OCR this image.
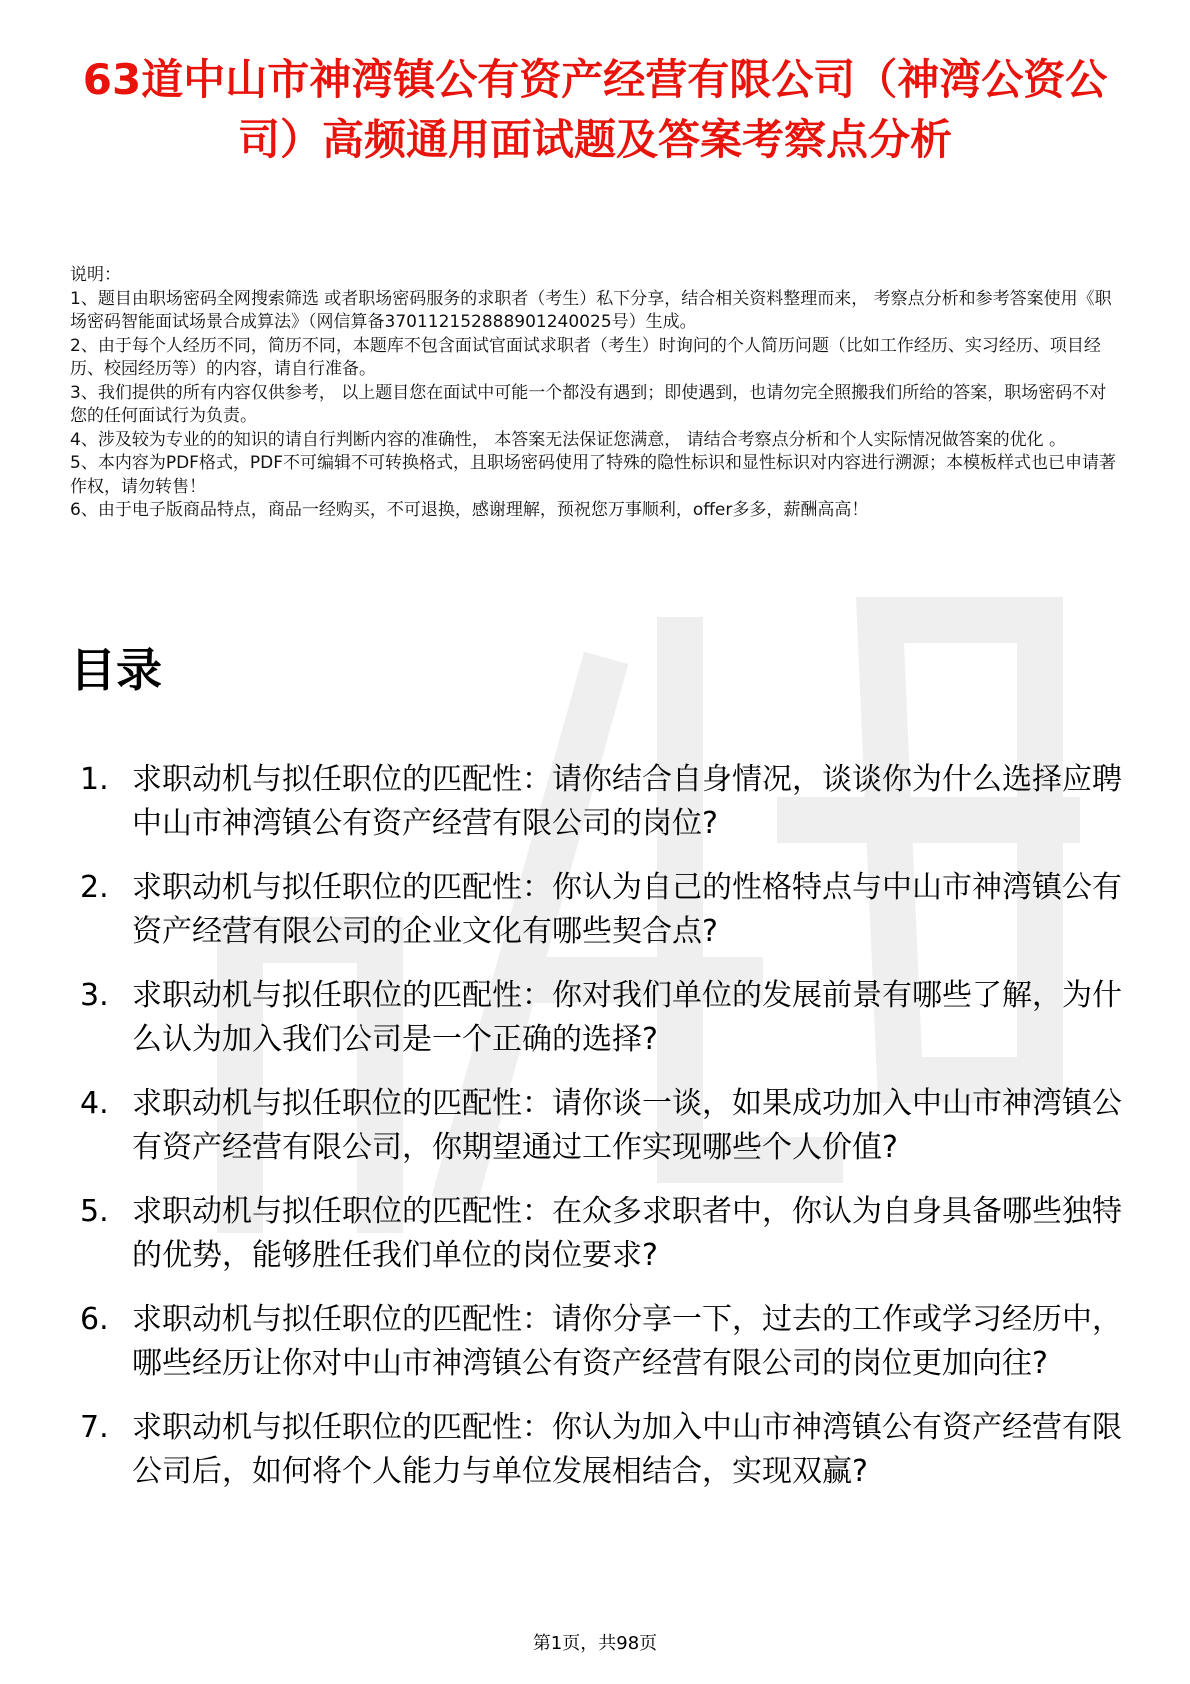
63道中山市神湾镇公有资产经营有限公司（神湾公资公司）高频通用面试题及答案考察点分析

说明：

1、题目由职场密码全网搜索筛选 或者职场密码服务的求职者（考生）私下分享，结合相关资料整理而来， 考察点分析和参考答案使用《职场密码智能面试场景合成算法》（网信算备370112152888901240025号）生成。

2、由于每个人经历不同，简历不同，本题库不包含面试官面试求职者（考生）时询问的个人简历问题（比如工作经历、实习经历、项目经历、校园经历等）的内容，请自行准备。

3、我们提供的所有内容仅供参考， 以上题目您在面试中可能一个都没有遇到；即使遇到，也请勿完全照搬我们所给的答案，职场密码不对您的任何面试行为负责。

4、涉及较为专业的的知识的请自行判断内容的准确性， 本答案无法保证您满意， 请结合考察点分析和个人实际情况做答案的优化 。

5、本内容为PDF格式，PDF不可编辑不可转换格式，且职场密码使用了特殊的隐性标识和显性标识对内容进行溯源；本模板样式也已申请著作权，请勿转售！

6、由于电子版商品特点，商品一经购买，不可退换，感谢理解，预祝您万事顺利，offer多多，薪酬高高！

目录
1. 求职动机与拟任职位的匹配性：请你结合自身情况，谈谈你为什么选择应聘中山市神湾镇公有资产经营有限公司的岗位?
2. 求职动机与拟任职位的匹配性：你认为自己的性格特点与中山市神湾镇公有资产经营有限公司的企业文化有哪些契合点?
3. 求职动机与拟任职位的匹配性：你对我们单位的发展前景有哪些了解，为什么认为加入我们公司是一个正确的选择?
4. 求职动机与拟任职位的匹配性：请你谈一谈，如果成功加入中山市神湾镇公有资产经营有限公司，你期望通过工作实现哪些个人价值?
5. 求职动机与拟任职位的匹配性：在众多求职者中，你认为自身具备哪些独特的优势，能够胜任我们单位的岗位要求?
6. 求职动机与拟任职位的匹配性：请你分享一下，过去的工作或学习经历中，哪些经历让你对中山市神湾镇公有资产经营有限公司的岗位更加向往?
7. 求职动机与拟任职位的匹配性：你认为加入中山市神湾镇公有资产经营有限公司后，如何将个人能力与单位发展相结合，实现双赢?
第1页，共98页
